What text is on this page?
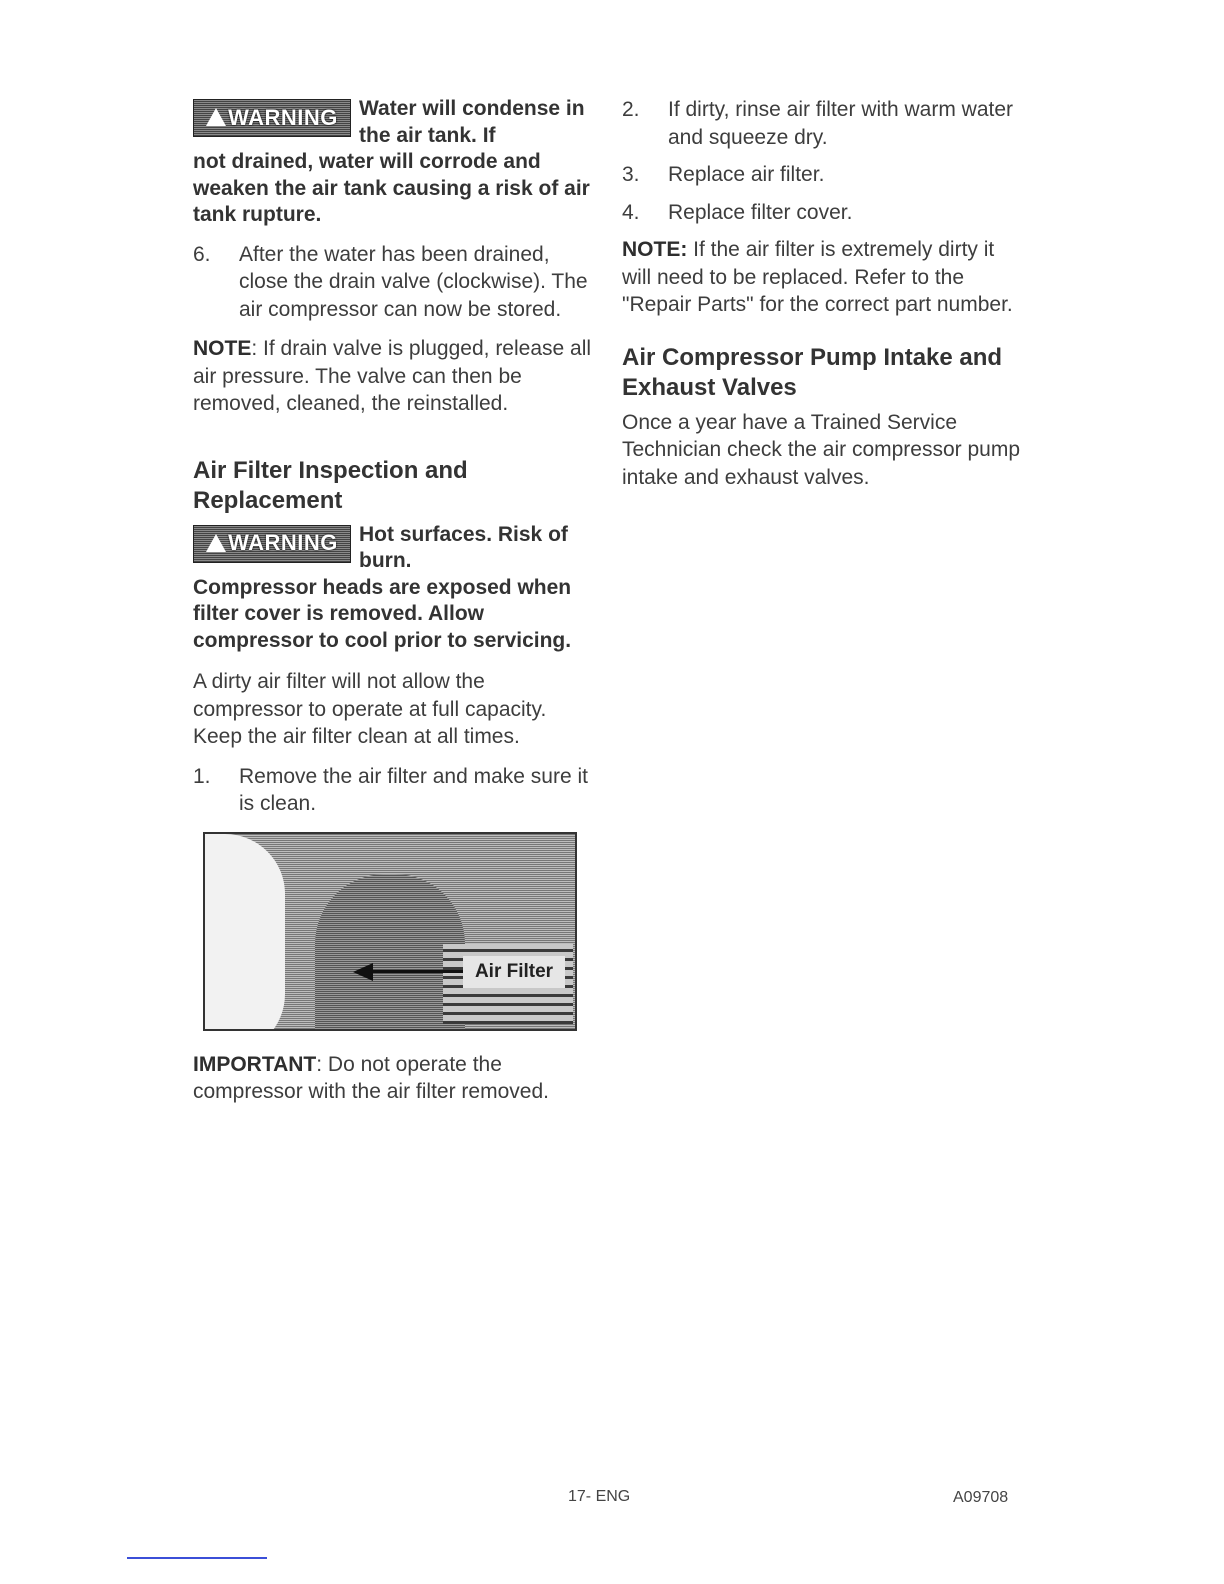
WARNING Water will condense in the air tank. If
not drained, water will corrode and weaken the air tank causing a risk of air tank rupture.
6.	After the water has been drained, close the drain valve (clockwise). The air compressor can now be stored.

NOTE: If drain valve is plugged, release all air pressure. The valve can then be removed, cleaned, the reinstalled.

Air Filter Inspection and Replacement
WARNING Hot surfaces. Risk of burn.
Compressor heads are exposed when filter cover is removed. Allow compressor to cool prior to servicing.

A dirty air filter will not allow the compressor to operate at full capacity. Keep the air filter clean at all times.

1.	Remove the air filter and make sure it is clean.
Air Filter

IMPORTANT: Do not operate the compressor with the air filter removed.

2.	If dirty, rinse air filter with warm water and squeeze dry.
3.	Replace air filter.
4.	Replace filter cover.

NOTE: If the air filter is extremely dirty it will need to be replaced. Refer to the "Repair Parts" for the correct part number.

Air Compressor Pump Intake and Exhaust Valves

Once a year have a Trained Service Technician check the air compressor pump intake and exhaust valves.

17- ENG	A09708
